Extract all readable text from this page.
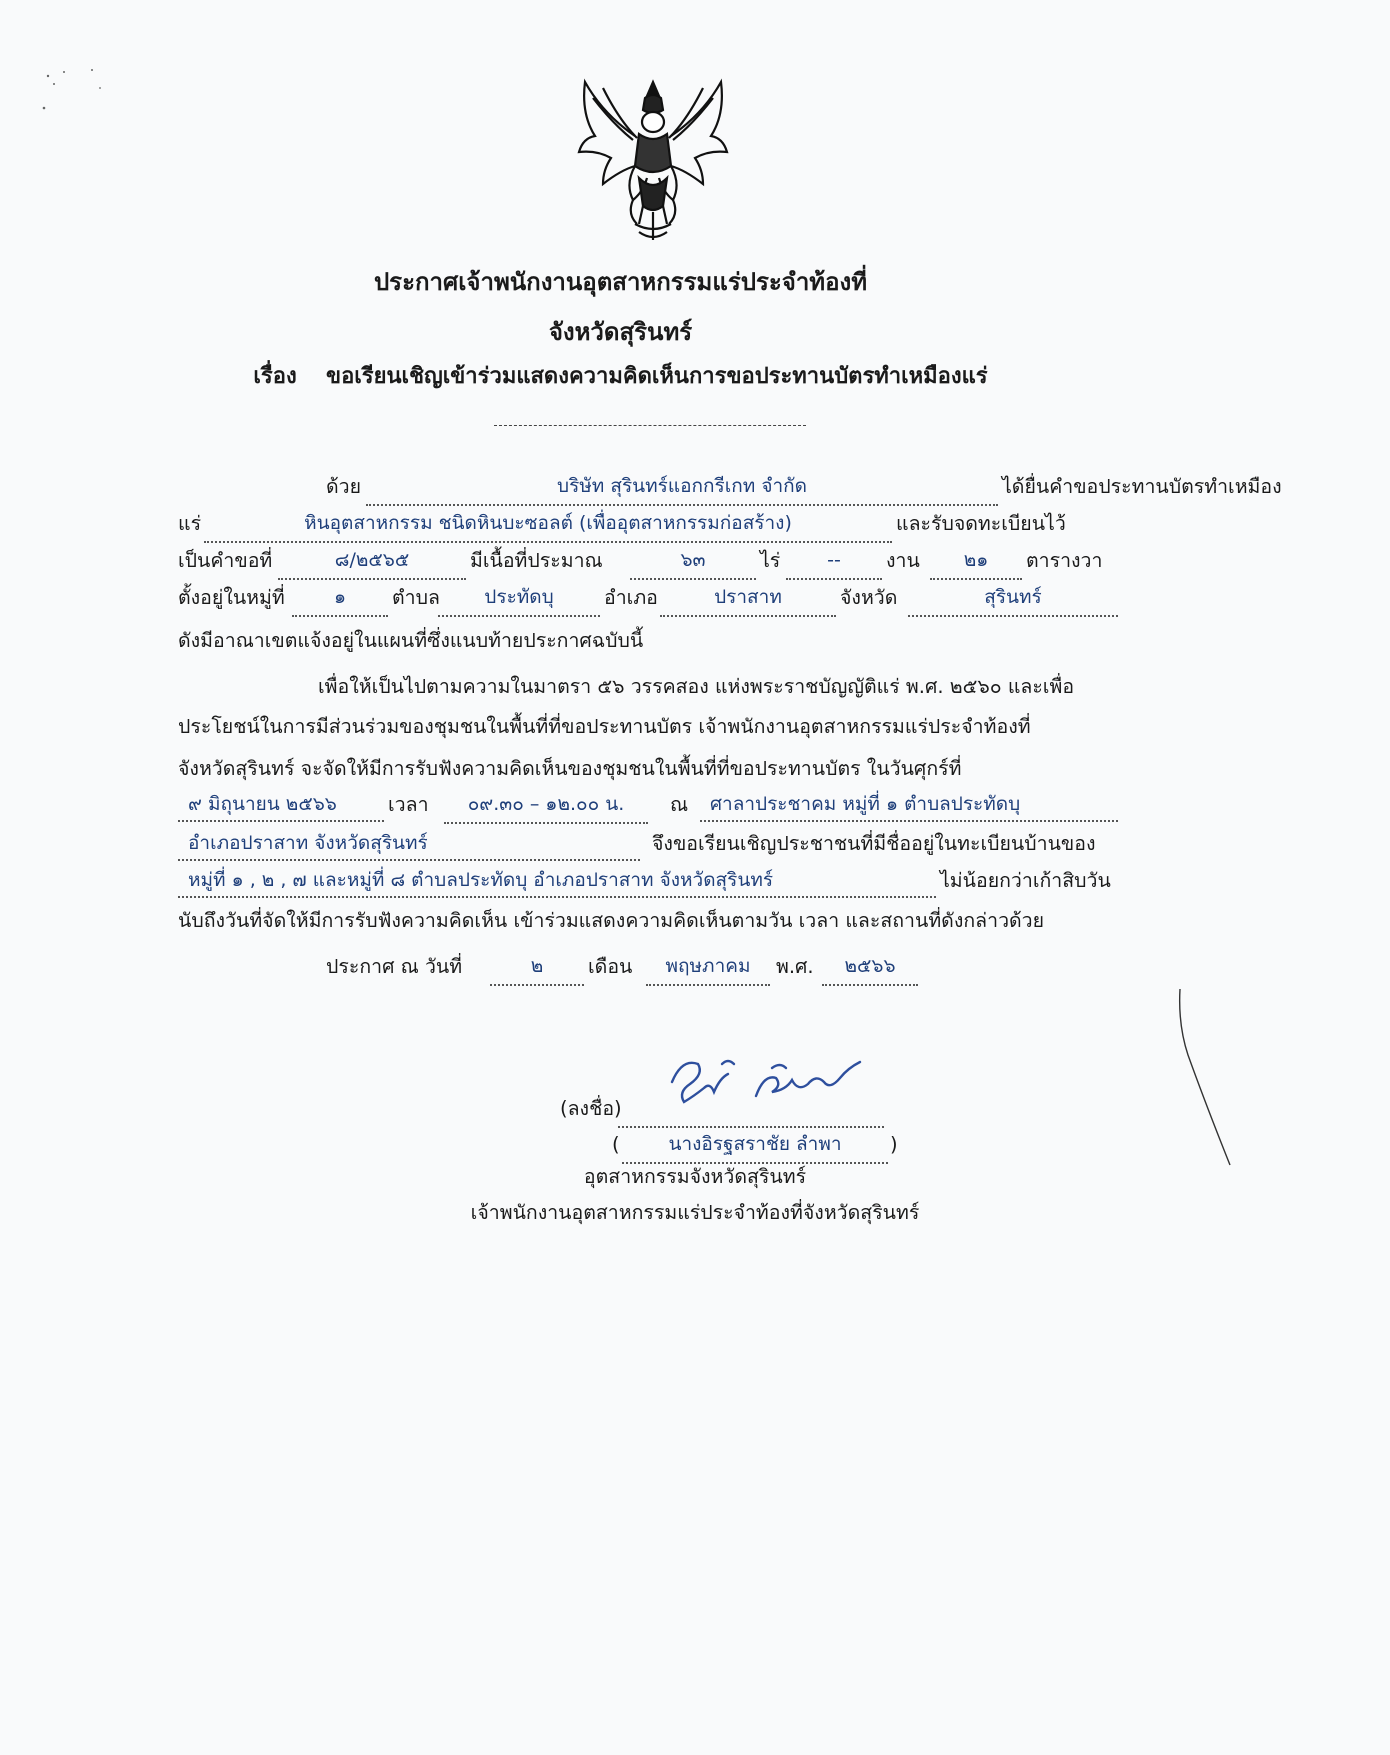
ประกาศเจ้าพนักงานอุตสาหกรรมแร่ประจำท้องที่
จังหวัดสุรินทร์
เรื่อง ขอเรียนเชิญเข้าร่วมแสดงความคิดเห็นการขอประทานบัตรทำเหมืองแร่
ด้วย	บริษัท สุรินทร์แอกกรีเกท จำกัด	ได้ยื่นคำขอประทานบัตรทำเหมือง
แร่	หินอุตสาหกรรม ชนิดหินบะซอลต์ (เพื่ออุตสาหกรรมก่อสร้าง)	และรับจดทะเบียนไว้
เป็นคำขอที่	๘/๒๕๖๕	มีเนื้อที่ประมาณ	๖๓	ไร่	--	งาน	๒๑	ตารางวา
ตั้งอยู่ในหมู่ที่	๑	ตำบล	ประทัดบุ	อำเภอ	ปราสาท	จังหวัด	สุรินทร์
ดังมีอาณาเขตแจ้งอยู่ในแผนที่ซึ่งแนบท้ายประกาศฉบับนี้
เพื่อให้เป็นไปตามความในมาตรา ๕๖ วรรคสอง แห่งพระราชบัญญัติแร่ พ.ศ. ๒๕๖๐ และเพื่อ
ประโยชน์ในการมีส่วนร่วมของชุมชนในพื้นที่ที่ขอประทานบัตร เจ้าพนักงานอุตสาหกรรมแร่ประจำท้องที่
จังหวัดสุรินทร์ จะจัดให้มีการรับฟังความคิดเห็นของชุมชนในพื้นที่ที่ขอประทานบัตร ในวันศุกร์ที่
๙ มิถุนายน ๒๕๖๖	เวลา	๐๙.๓๐ – ๑๒.๐๐ น.	ณ	ศาลาประชาคม หมู่ที่ ๑ ตำบลประทัดบุ
อำเภอปราสาท จังหวัดสุรินทร์	จึงขอเรียนเชิญประชาชนที่มีชื่ออยู่ในทะเบียนบ้านของ
หมู่ที่ ๑ , ๒ , ๗ และหมู่ที่ ๘ ตำบลประทัดบุ อำเภอปราสาท จังหวัดสุรินทร์	ไม่น้อยกว่าเก้าสิบวัน
นับถึงวันที่จัดให้มีการรับฟังความคิดเห็น เข้าร่วมแสดงความคิดเห็นตามวัน เวลา และสถานที่ดังกล่าวด้วย
ประกาศ ณ วันที่	๒	เดือน	พฤษภาคม	พ.ศ.	๒๕๖๖
(ลงชื่อ)
(	นางอิรฐสราชัย ลำพา	)
อุตสาหกรรมจังหวัดสุรินทร์
เจ้าพนักงานอุตสาหกรรมแร่ประจำท้องที่จังหวัดสุรินทร์
